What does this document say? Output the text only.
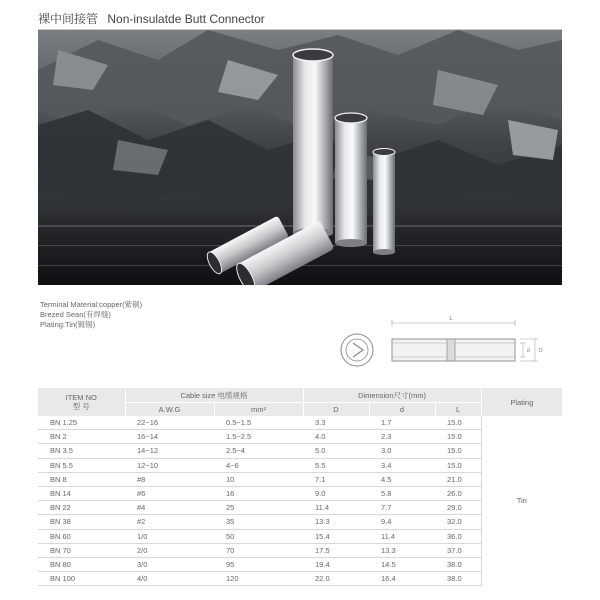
裸中间接管 Non-insulatde Butt Connector
Terminal Material:copper(紫铜)
Brezed Sean(有焊缝)
Plating:Tin(镀锡)
L
d D
ITEM NO
型 号	Cable size 电缆规格		Dimension尺寸(mm)			Plating
	A.W.G	mm²	D	d	L	
BN 1.25	22~16	0.5~1.5	3.3	1.7	15.0	Tin
BN 2	16~14	1.5~2.5	4.0	2.3	15.0	
BN 3.5	14~12	2.5~4	5.0	3.0	15.0	
BN 5.5	12~10	4~6	5.5	3.4	15.0	
BN 8	#8	10	7.1	4.5	21.0	
BN 14	#6	16	9.0	5.8	26.0	
BN 22	#4	25	11.4	7.7	29.0	
BN 38	#2	35	13.3	9.4	32.0	
BN 60	1/0	50	15.4	11.4	36.0	
BN 70	2/0	70	17.5	13.3	37.0	
BN 80	3/0	95	19.4	14.5	38.0	
BN 100	4/0	120	22.0	16.4	38.0	
